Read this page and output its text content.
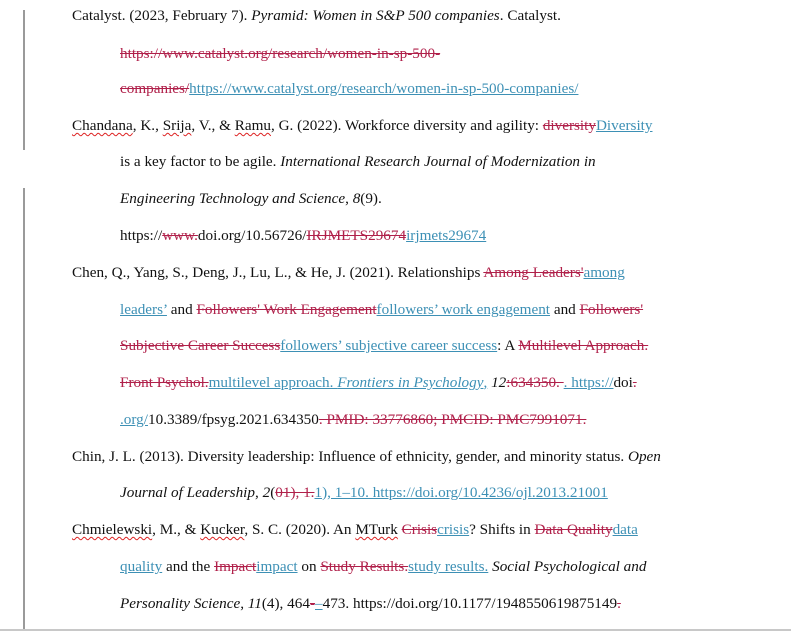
Catalyst. (2023, February 7). Pyramid: Women in S&P 500 companies. Catalyst.
https://www.catalyst.org/research/women-in-sp-500-
companies/https://www.catalyst.org/research/women-in-sp-500-companies/
Chandana, K., Srija, V., & Ramu, G. (2022). Workforce diversity and agility: diversityDiversity
is a key factor to be agile. International Research Journal of Modernization in
Engineering Technology and Science, 8(9).
https://www.doi.org/10.56726/IRJMETS29674irjmets29674
Chen, Q., Yang, S., Deng, J., Lu, L., & He, J. (2021). Relationships Among Leaders'among
leaders’ and Followers' Work Engagementfollowers’ work engagement and Followers'
Subjective Career Successfollowers’ subjective career success: A Multilevel Approach.
Front Psychol.multilevel approach. Frontiers in Psychology, 12:634350. . https://doi.
.org/10.3389/fpsyg.2021.634350. PMID: 33776860; PMCID: PMC7991071.
Chin, J. L. (2013). Diversity leadership: Influence of ethnicity, gender, and minority status. Open
Journal of Leadership, 2(01), 1.1), 1–10. https://doi.org/10.4236/ojl.2013.21001
Chmielewski, M., & Kucker, S. C. (2020). An MTurk Crisiscrisis? Shifts in Data Qualitydata
quality and the Impactimpact on Study Results.study results. Social Psychological and
Personality Science, 11(4), 464-–473. https://doi.org/10.1177/1948550619875149.
